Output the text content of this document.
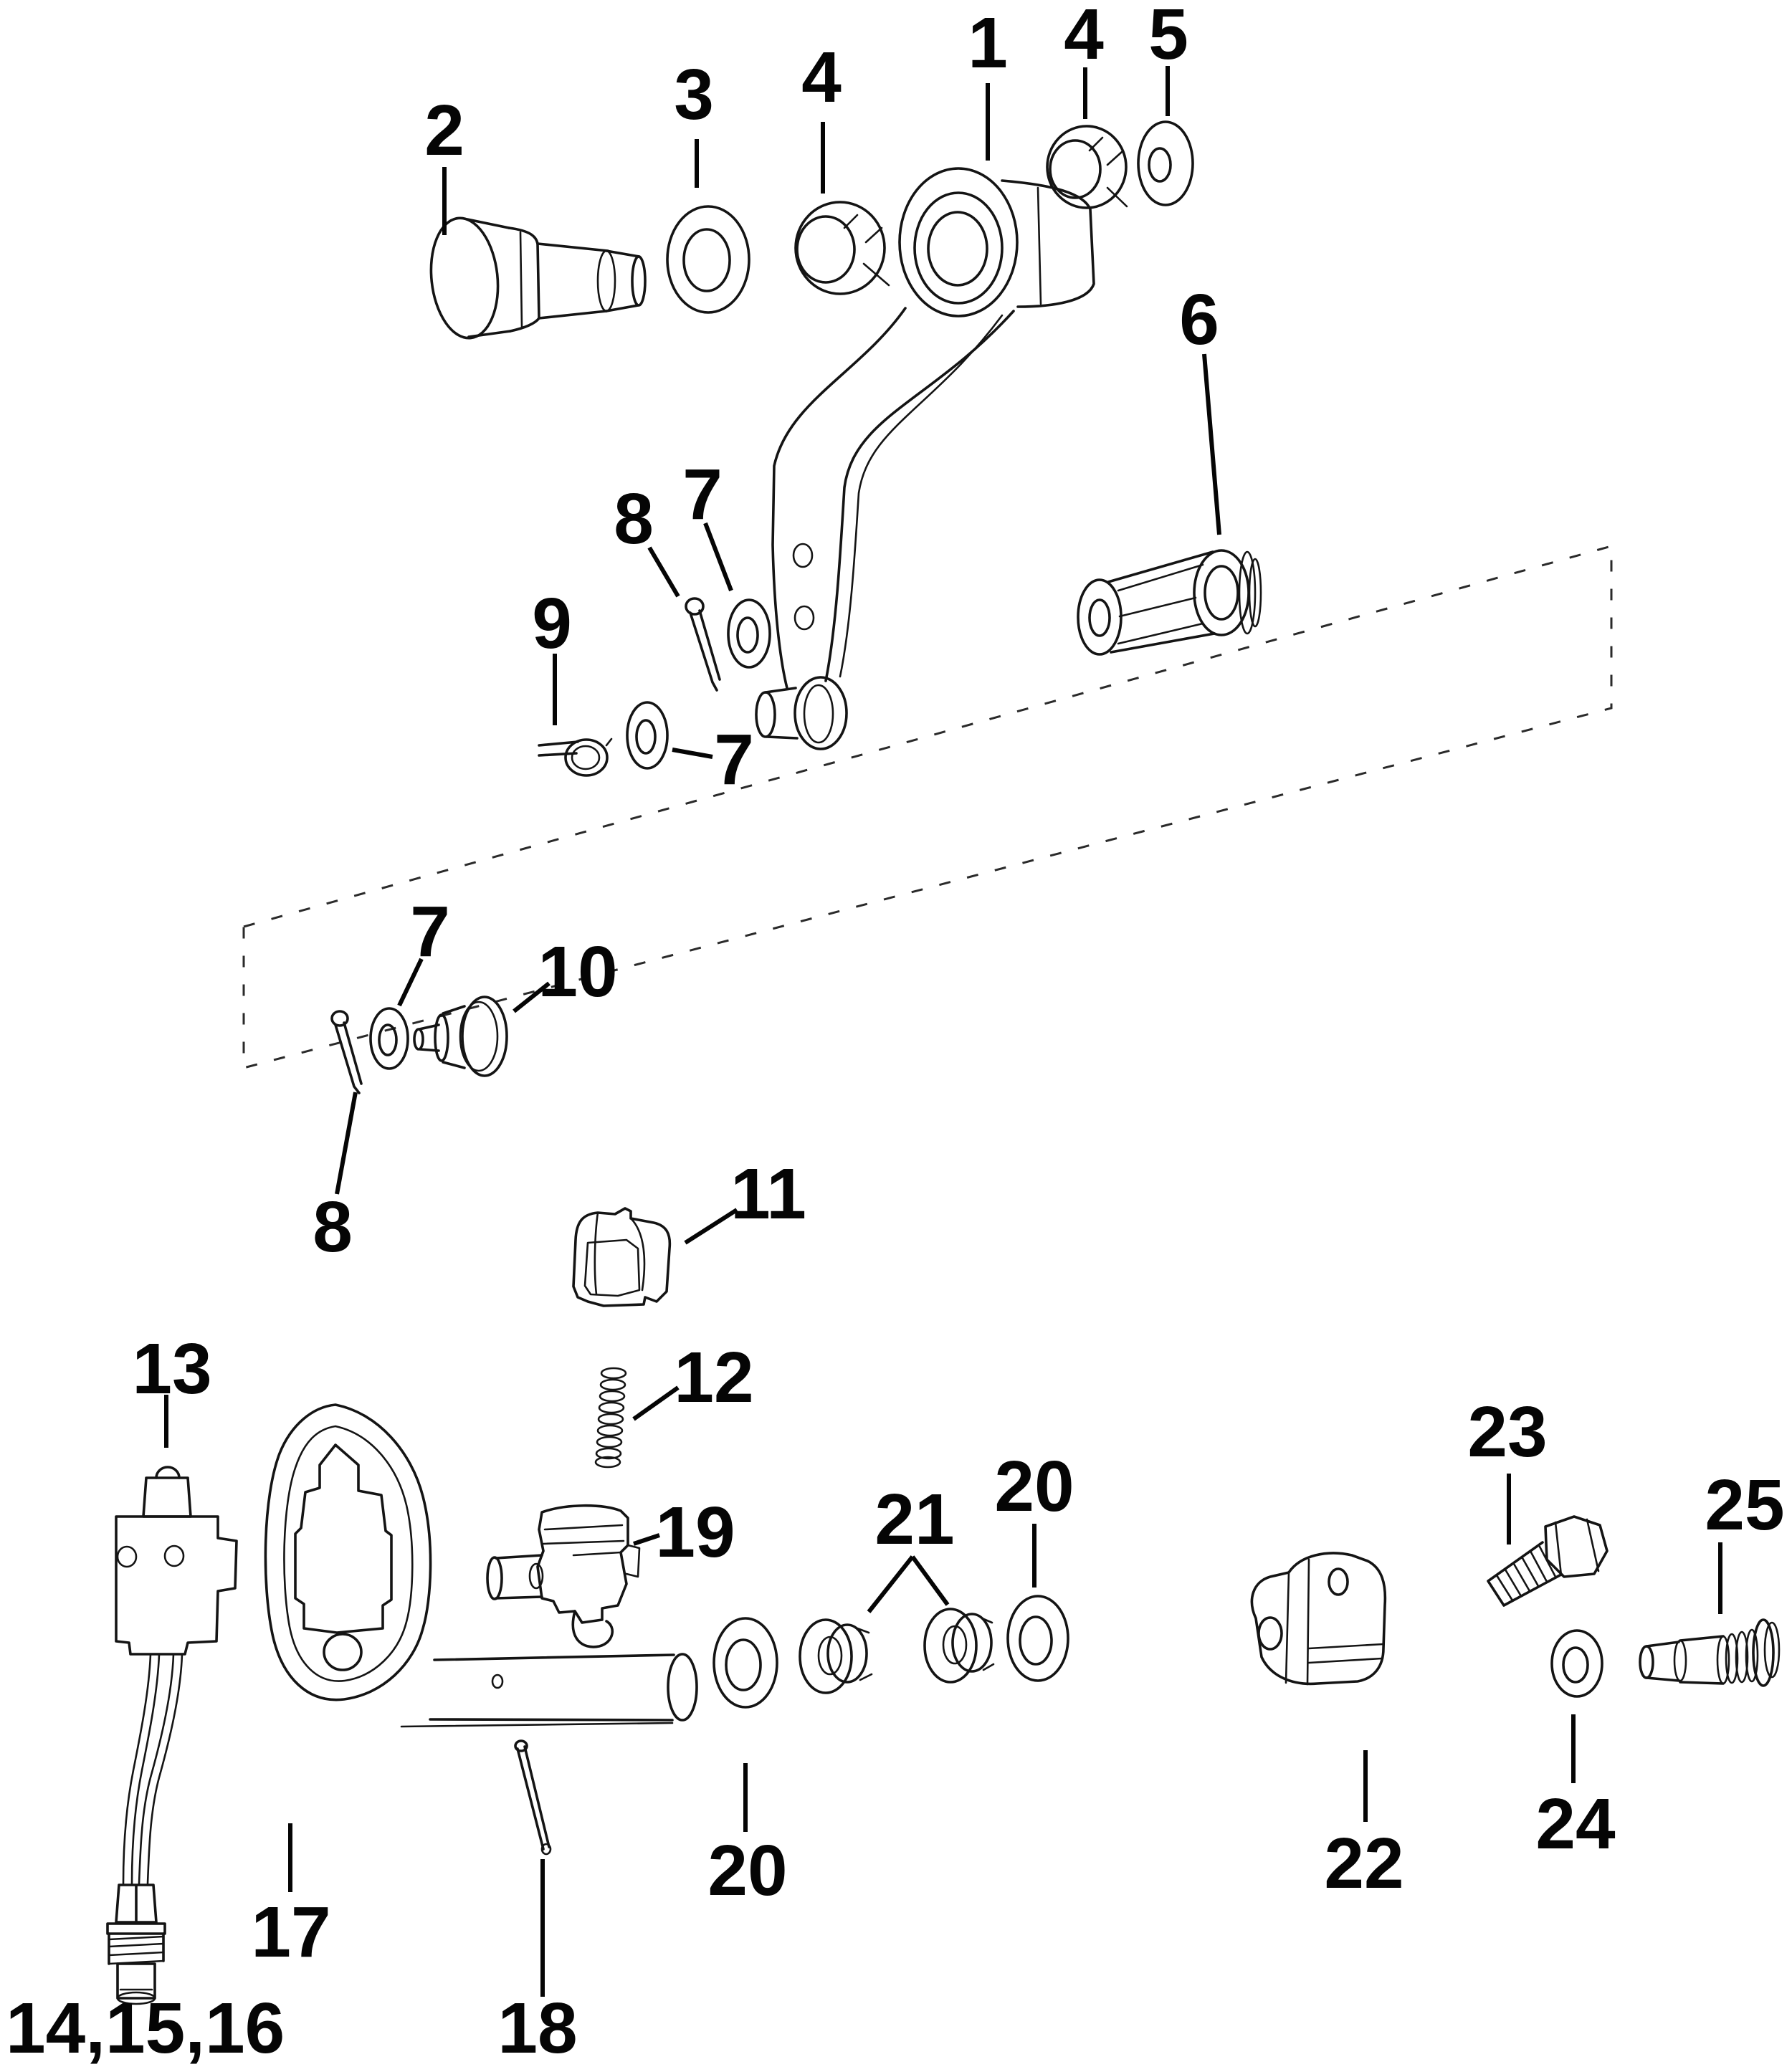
2	3 4 1 4 5
6
8 7
9
7
7 10
8	11
12
13
19 21 20
23
25
20	22 24
17
18
14,15,16
